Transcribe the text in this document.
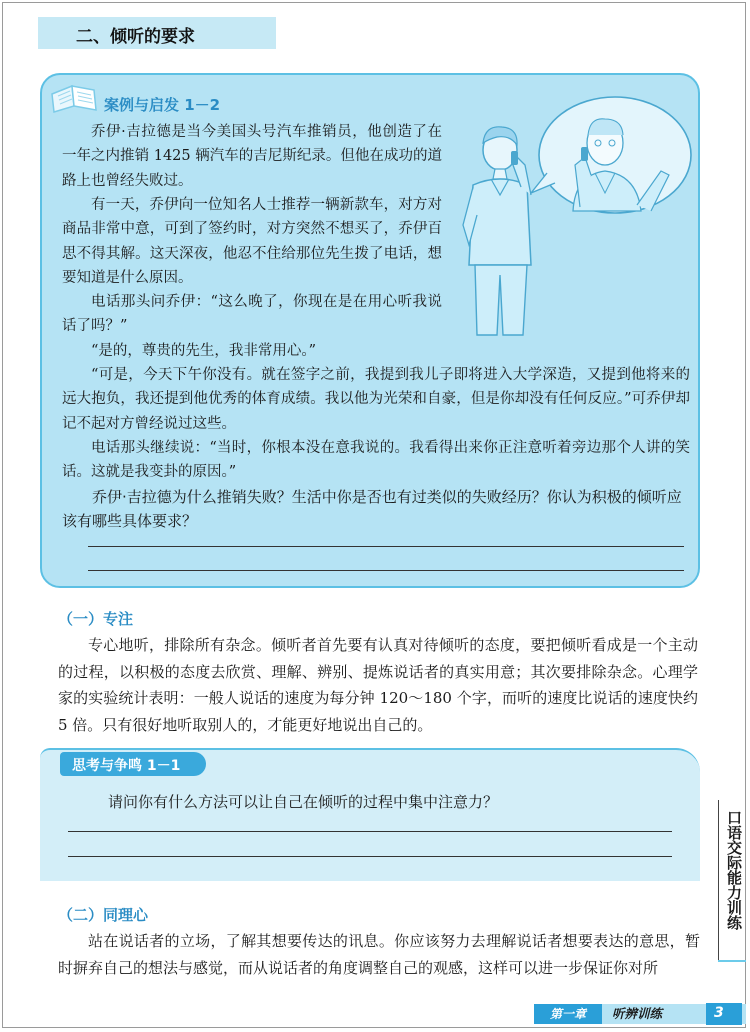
二、倾听的要求
案例与启发 1－2

乔伊·吉拉德是当今美国头号汽车推销员，他创造了在一年之内推销 1425 辆汽车的吉尼斯纪录。但他在成功的道路上也曾经失败过。

有一天，乔伊向一位知名人士推荐一辆新款车，对方对商品非常中意，可到了签约时，对方突然不想买了，乔伊百思不得其解。这天深夜，他忍不住给那位先生拨了电话，想要知道是什么原因。

电话那头问乔伊：“这么晚了，你现在是在用心听我说话了吗？”

“是的，尊贵的先生，我非常用心。”

“可是，今天下午你没有。就在签字之前，我提到我儿子即将进入大学深造，又提到他将来的远大抱负，我还提到他优秀的体育成绩。我以他为光荣和自豪，但是你却没有任何反应。”可乔伊却记不起对方曾经说过这些。

电话那头继续说：“当时，你根本没在意我说的。我看得出来你正注意听着旁边那个人讲的笑话。这就是我变卦的原因。”

乔伊·吉拉德为什么推销失败？生活中你是否也有过类似的失败经历？你认为积极的倾听应该有哪些具体要求？

（一）专注

专心地听，排除所有杂念。倾听者首先要有认真对待倾听的态度，要把倾听看成是一个主动的过程，以积极的态度去欣赏、理解、辨别、提炼说话者的真实用意；其次要排除杂念。心理学家的实验统计表明：一般人说话的速度为每分钟 120～180 个字，而听的速度比说话的速度快约 5 倍。只有很好地听取别人的，才能更好地说出自己的。

思考与争鸣 1－1

请问你有什么方法可以让自己在倾听的过程中集中注意力？

（二）同理心

站在说话者的立场，了解其想要传达的讯息。你应该努力去理解说话者想要表达的意思，暂时摒弃自己的想法与感觉，而从说话者的角度调整自己的观感，这样可以进一步保证你对所

口语交际能力训练
第一章	听辨训练	3
